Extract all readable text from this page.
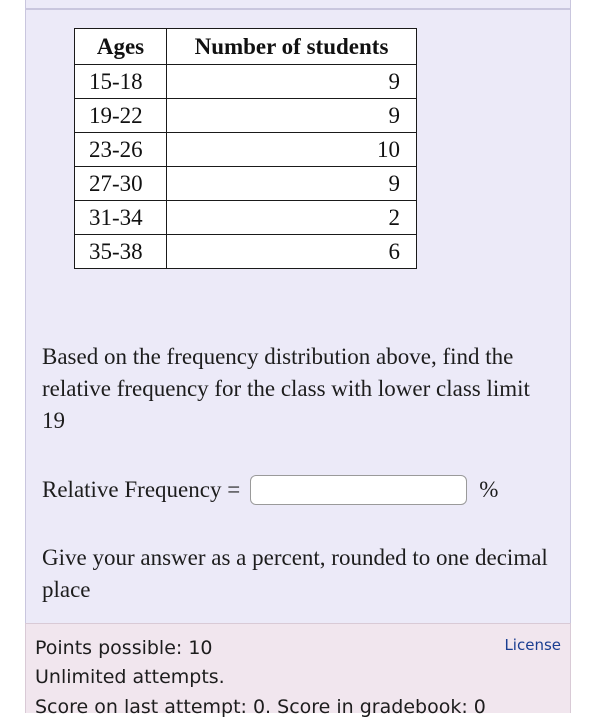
Ages	Number of students
15-18	9
19-22	9
23-26	10
27-30	9
31-34	2
35-38	6
Based on the frequency distribution above, find the relative frequency for the class with lower class limit 19
Relative Frequency =	%
Give your answer as a percent, rounded to one decimal place
Points possible: 10
Unlimited attempts.
Score on last attempt: 0. Score in gradebook: 0
License
